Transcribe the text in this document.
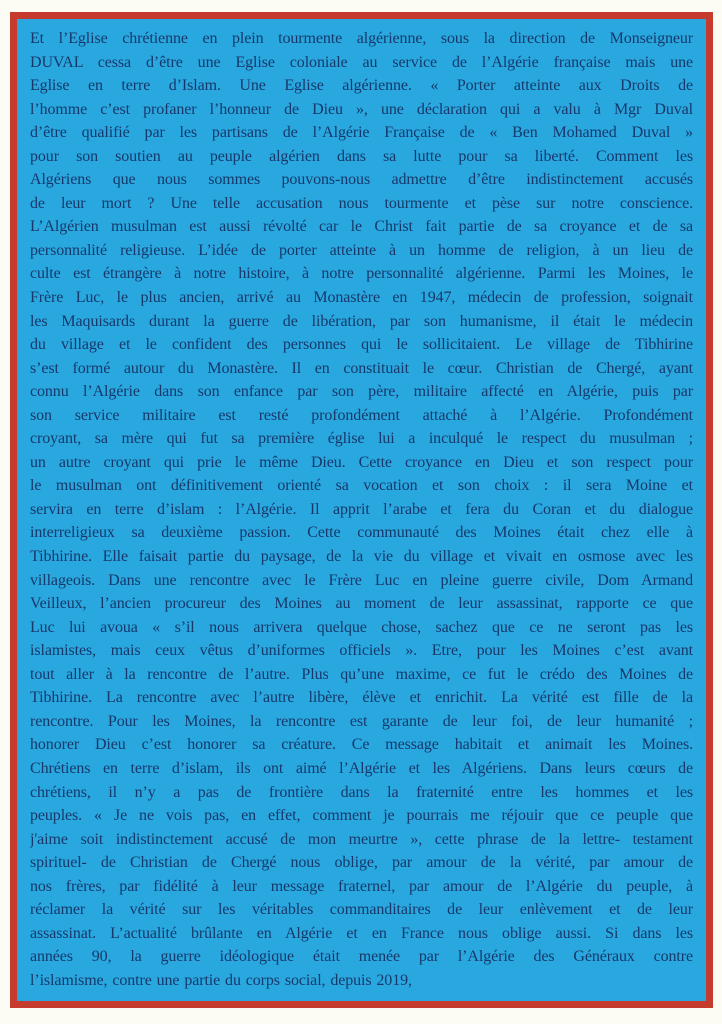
Et l’Eglise chrétienne en plein tourmente algérienne, sous la direction de Monseigneur
DUVAL cessa d’être une Eglise coloniale au service de l’Algérie française mais une
Eglise en terre d’Islam. Une Eglise algérienne. « Porter atteinte aux Droits de
l’homme c’est profaner l’honneur de Dieu », une déclaration qui a valu à Mgr Duval
d’être qualifié par les partisans de l’Algérie Française de « Ben Mohamed Duval »
pour son soutien au peuple algérien dans sa lutte pour sa liberté. Comment les
Algériens que nous sommes pouvons-nous admettre d’être indistinctement accusés
de leur mort ? Une telle accusation nous tourmente et pèse sur notre conscience.
L’Algérien musulman est aussi révolté car le Christ fait partie de sa croyance et de sa
personnalité religieuse. L’idée de porter atteinte à un homme de religion, à un lieu de
culte est étrangère à notre histoire, à notre personnalité algérienne. Parmi les Moines, le
Frère Luc, le plus ancien, arrivé au Monastère en 1947, médecin de profession, soignait
les Maquisards durant la guerre de libération, par son humanisme, il était le médecin
du village et le confident des personnes qui le sollicitaient. Le village de Tibhirine
s’est formé autour du Monastère. Il en constituait le cœur. Christian de Chergé, ayant
connu l’Algérie dans son enfance par son père, militaire affecté en Algérie, puis par
son service militaire est resté profondément attaché à l’Algérie. Profondément
croyant, sa mère qui fut sa première église lui a inculqué le respect du musulman ;
un autre croyant qui prie le même Dieu. Cette croyance en Dieu et son respect pour
le musulman ont définitivement orienté sa vocation et son choix : il sera Moine et
servira en terre d’islam : l’Algérie. Il apprit l’arabe et fera du Coran et du dialogue
interreligieux sa deuxième passion. Cette communauté des Moines était chez elle à
Tibhirine. Elle faisait partie du paysage, de la vie du village et vivait en osmose avec les
villageois. Dans une rencontre avec le Frère Luc en pleine guerre civile, Dom Armand
Veilleux, l’ancien procureur des Moines au moment de leur assassinat, rapporte ce que
Luc lui avoua « s’il nous arrivera quelque chose, sachez que ce ne seront pas les
islamistes, mais ceux vêtus d’uniformes officiels ». Etre, pour les Moines c’est avant
tout aller à la rencontre de l’autre. Plus qu’une maxime, ce fut le crédo des Moines de
Tibhirine. La rencontre avec l’autre libère, élève et enrichit. La vérité est fille de la
rencontre. Pour les Moines, la rencontre est garante de leur foi, de leur humanité ;
honorer Dieu c’est honorer sa créature. Ce message habitait et animait les Moines.
Chrétiens en terre d’islam, ils ont aimé l’Algérie et les Algériens. Dans leurs cœurs de
chrétiens, il n’y a pas de frontière dans la fraternité entre les hommes et les
peuples. « Je ne vois pas, en effet, comment je pourrais me réjouir que ce peuple que
j'aime soit indistinctement accusé de mon meurtre », cette phrase de la lettre- testament
spirituel- de Christian de Chergé nous oblige, par amour de la vérité, par amour de
nos frères, par fidélité à leur message fraternel, par amour de l’Algérie du peuple, à
réclamer la vérité sur les véritables commanditaires de leur enlèvement et de leur
assassinat. L’actualité brûlante en Algérie et en France nous oblige aussi. Si dans les
années 90, la guerre idéologique était menée par l’Algérie des Généraux contre
l’islamisme, contre une partie du corps social, depuis 2019,
